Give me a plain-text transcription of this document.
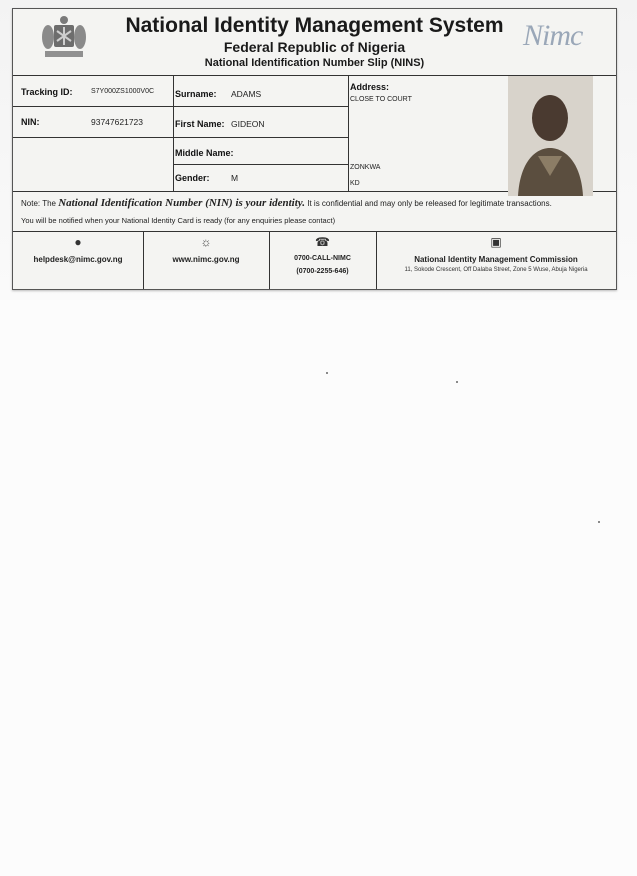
Nimc
National Identity Management System
Federal Republic of Nigeria
National Identification Number Slip (NINS)
Tracking ID:	S7Y000ZS1000V0C
NIN:	93747621723
Surname: ADAMS
First Name: GIDEON
Middle Name:
Gender:	M
Address:
CLOSE TO COURT
ZONKWA
KD
Note: The National Identification Number (NIN) is your identity. It is confidential and may only be released for legitimate transactions.
You will be notified when your National Identity Card is ready (for any enquiries please contact)
●
helpdesk@nimc.gov.ng
☼
www.nimc.gov.ng
☎
0700-CALL-NIMC
(0700-2255-646)
▣
National Identity Management Commission
11, Sokode Crescent, Off Dalaba Street, Zone 5 Wuse, Abuja Nigeria
